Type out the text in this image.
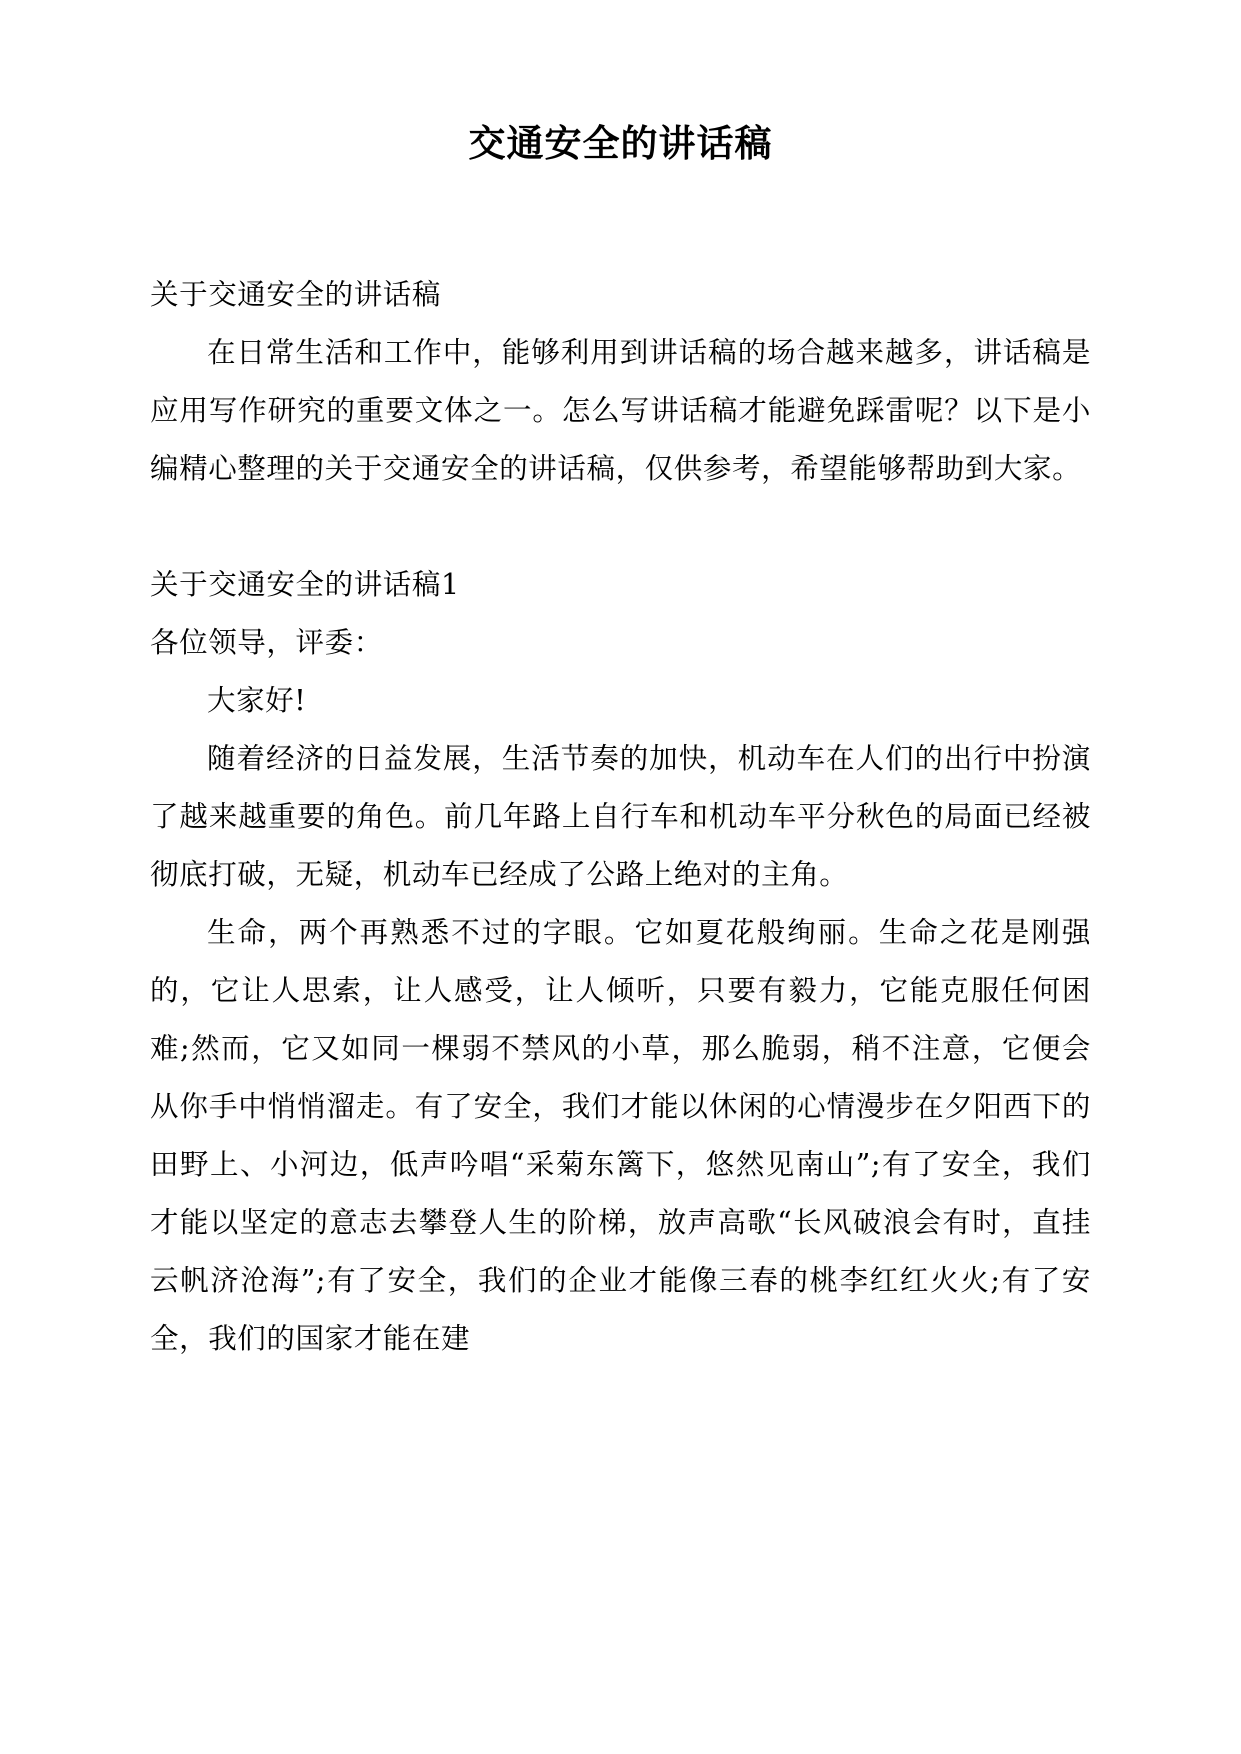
交通安全的讲话稿

关于交通安全的讲话稿

在日常生活和工作中，能够利用到讲话稿的场合越来越多，讲话稿是应用写作研究的重要文体之一。怎么写讲话稿才能避免踩雷呢？以下是小编精心整理的关于交通安全的讲话稿，仅供参考，希望能够帮助到大家。

关于交通安全的讲话稿1

各位领导，评委：

大家好!

随着经济的日益发展，生活节奏的加快，机动车在人们的出行中扮演了越来越重要的角色。前几年路上自行车和机动车平分秋色的局面已经被彻底打破，无疑，机动车已经成了公路上绝对的主角。

生命，两个再熟悉不过的字眼。它如夏花般绚丽。生命之花是刚强的，它让人思索，让人感受，让人倾听，只要有毅力，它能克服任何困难;然而，它又如同一棵弱不禁风的小草，那么脆弱，稍不注意，它便会从你手中悄悄溜走。有了安全，我们才能以休闲的心情漫步在夕阳西下的田野上、小河边，低声吟唱“采菊东篱下，悠然见南山”;有了安全，我们才能以坚定的意志去攀登人生的阶梯，放声高歌“长风破浪会有时，直挂云帆济沧海”;有了安全，我们的企业才能像三春的桃李红红火火;有了安全，我们的国家才能在建
